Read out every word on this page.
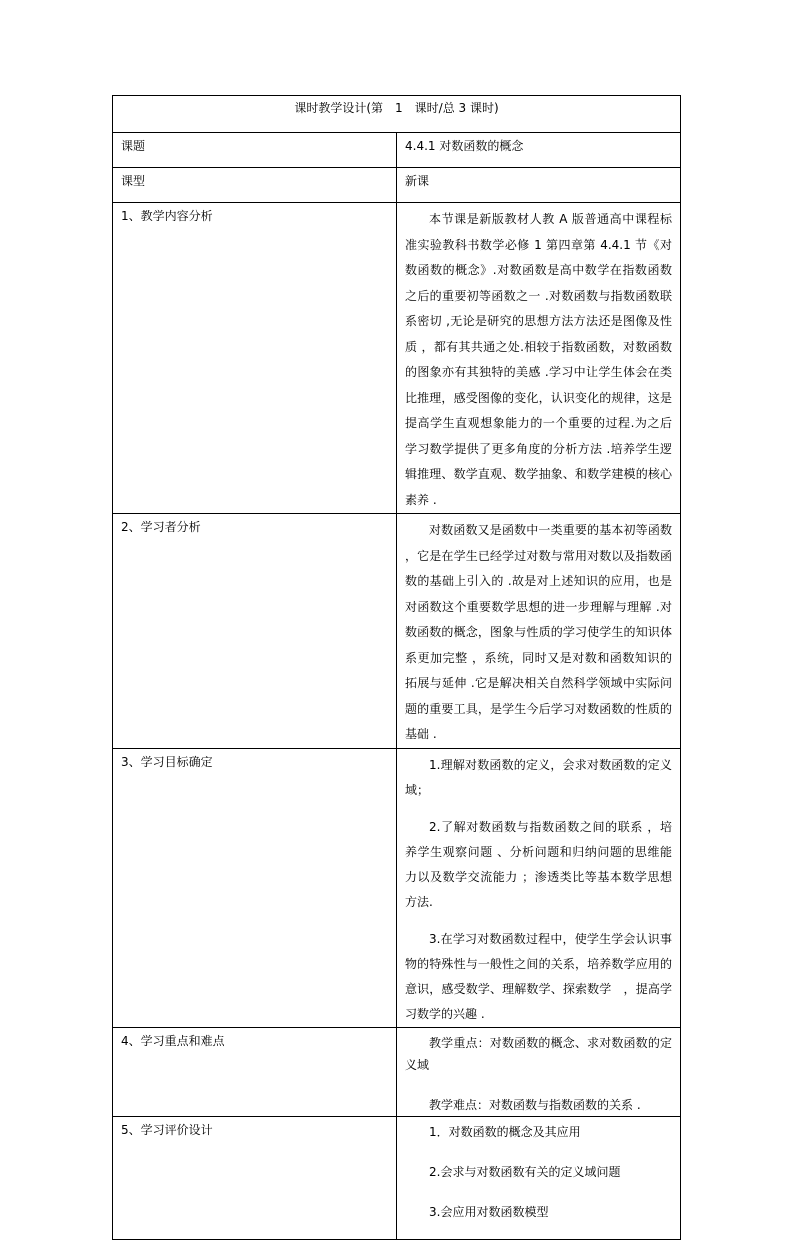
课时教学设计(第　1　课时/总 3 课时)	
课题	4.4.1 对数函数的概念
课型	新课
1、教学内容分析	本节课是新版教材人教 A 版普通高中课程标准实验教科书数学必修 1 第四章第 4.4.1 节《对数函数的概念》.对数函数是高中数学在指数函数之后的重要初等函数之一 .对数函数与指数函数联系密切 ,无论是研究的思想方法方法还是图像及性质 ，都有其共通之处.相较于指数函数，对数函数的图象亦有其独特的美感 .学习中让学生体会在类比推理，感受图像的变化，认识变化的规律，这是提高学生直观想象能力的一个重要的过程.为之后学习数学提供了更多角度的分析方法 .培养学生逻辑推理、数学直观、数学抽象、和数学建模的核心素养 .

2、学习者分析	对数函数又是函数中一类重要的基本初等函数 ，它是在学生已经学过对数与常用对数以及指数函数的基础上引入的 .故是对上述知识的应用，也是对函数这个重要数学思想的进一步理解与理解 .对数函数的概念，图象与性质的学习使学生的知识体系更加完整 ，系统，同时又是对数和函数知识的拓展与延伸 .它是解决相关自然科学领域中实际问题的重要工具，是学生今后学习对数函数的性质的基础 .

3、学习目标确定	1.理解对数函数的定义，会求对数函数的定义域；

2.了解对数函数与指数函数之间的联系 ，培养学生观察问题 、分析问题和归纳问题的思维能力以及数学交流能力 ；渗透类比等基本数学思想方法.

3.在学习对数函数过程中，使学生学会认识事物的特殊性与一般性之间的关系，培养数学应用的意识，感受数学、理解数学、探索数学　，提高学习数学的兴趣 .

4、学习重点和难点	教学重点：对数函数的概念、求对数函数的定义域

教学难点：对数函数与指数函数的关系 .

5、学习评价设计	1．对数函数的概念及其应用

2.会求与对数函数有关的定义域问题

3.会应用对数函数模型
